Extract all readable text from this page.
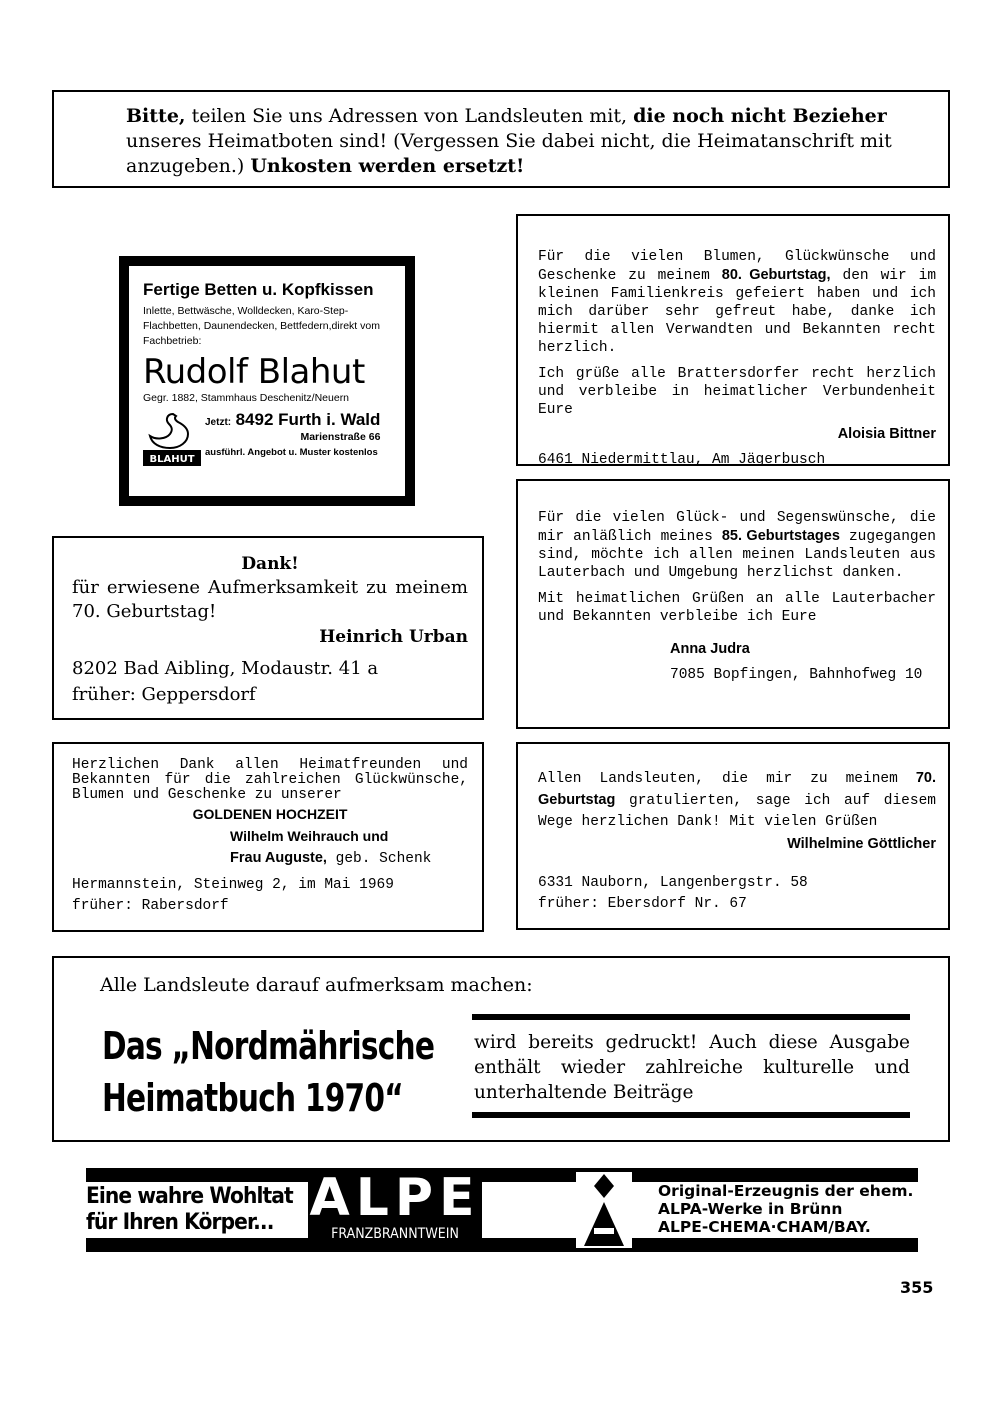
Bitte, teilen Sie uns Adressen von Landsleuten mit, die noch nicht Bezieher unseres Heimatboten sind! (Vergessen Sie dabei nicht, die Heimatanschrift mit anzugeben.) Unkosten werden ersetzt!
Fertige Betten u. Kopfkissen
Inlette, Bettwäsche, Wolldecken, Karo-Step-Flachbetten, Daunendecken, Bettfedern,direkt vom Fachbetrieb:
Rudolf Blahut
Gegr. 1882, Stammhaus Deschenitz/Neuern
BLAHUT
Jetzt: 8492 Furth i. Wald
Marienstraße 66
ausführl. Angebot u. Muster kostenlos

Für die vielen Blumen, Glückwünsche und Geschenke zu meinem 80. Geburtstag, den wir im kleinen Familienkreis gefeiert haben und ich mich darüber sehr gefreut habe, danke ich hiermit allen Verwandten und Bekannten recht herzlich.

Ich grüße alle Brattersdorfer recht herzlich und verbleibe in heimatlicher Verbundenheit Eure

Aloisia Bittner

6461 Niedermittlau, Am Jägerbusch

Für die vielen Glück- und Segenswünsche, die mir anläßlich meines 85. Geburtstages zugegangen sind, möchte ich allen meinen Landsleuten aus Lauterbach und Umgebung herzlichst danken.

Mit heimatlichen Grüßen an alle Lauterbacher und Bekannten verbleibe ich Eure

Anna Judra

7085 Bopfingen, Bahnhofweg 10

Dank!

für erwiesene Aufmerksamkeit zu meinem 70. Geburtstag!

Heinrich Urban

8202 Bad Aibling, Modaustr. 41 a

früher: Geppersdorf

Herzlichen Dank allen Heimatfreunden und Bekannten für die zahlreichen Glückwünsche, Blumen und Geschenke zu unserer

GOLDENEN HOCHZEIT

Wilhelm Weihrauch und

Frau Auguste, geb. Schenk

Hermannstein, Steinweg 2, im Mai 1969

früher: Rabersdorf

Allen Landsleuten, die mir zu meinem 70. Geburtstag gratulierten, sage ich auf diesem Wege herzlichen Dank! Mit vielen Grüßen

Wilhelmine Göttlicher

6331 Nauborn, Langenbergstr. 58

früher: Ebersdorf Nr. 67

Alle Landsleute darauf aufmerksam machen:
Das „Nordmährische
Heimatbuch 1970“
wird bereits gedruckt! Auch diese Ausgabe enthält wieder zahlreiche kulturelle und unterhaltende Beiträge
Eine wahre Wohltat
für Ihren Körper... ALPE
FRANZBRANNTWEIN
Original-Erzeugnis der ehem.
ALPA-Werke in Brünn
ALPE-CHEMA·CHAM/BAY.
355
